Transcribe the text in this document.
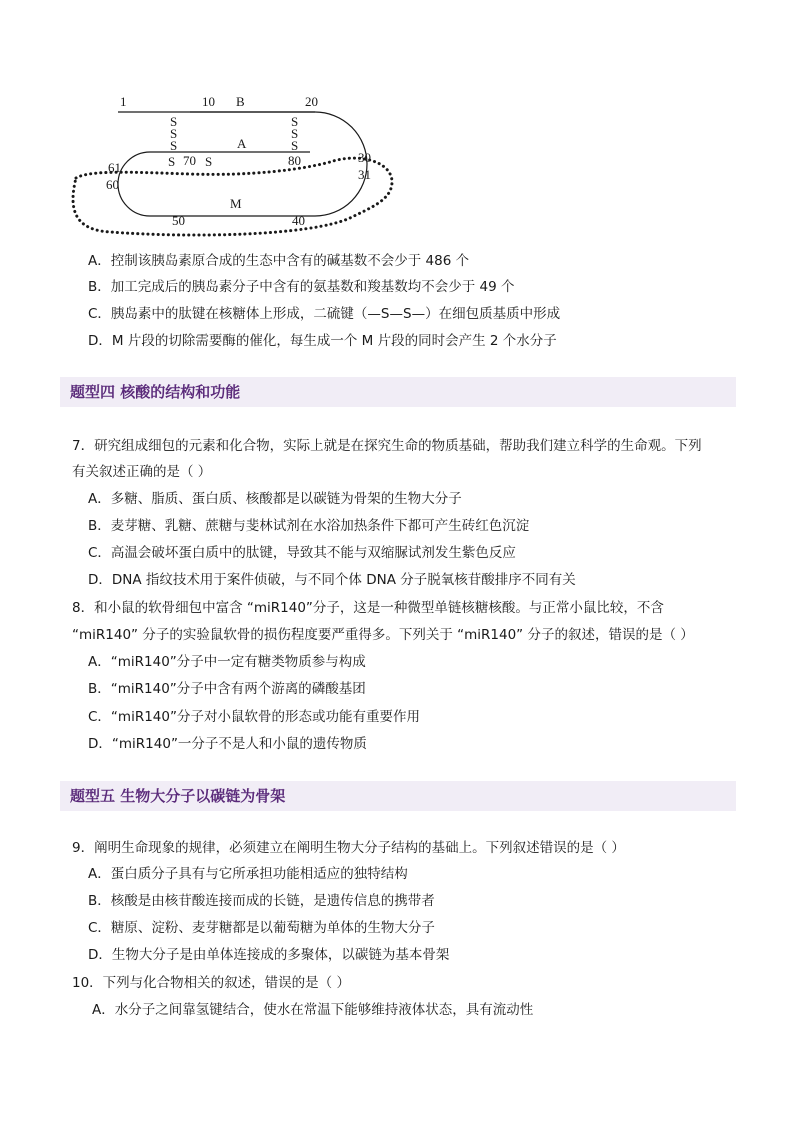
S
S
S
S
S
S
S S
1	10 B	20
A
70	80
61
60
30
31
M
50	40
A．控制该胰岛素原合成的生态中含有的碱基数不会少于 486 个
B．加工完成后的胰岛素分子中含有的氨基数和羧基数均不会少于 49 个
C．胰岛素中的肽键在核糖体上形成，二硫键（—S—S—）在细包质基质中形成
D．M 片段的切除需要酶的催化，每生成一个 M 片段的同时会产生 2 个水分子
题型四 核酸的结构和功能
7．研究组成细包的元素和化合物，实际上就是在探究生命的物质基础，帮助我们建立科学的生命观。下列
有关叙述正确的是（ ）
A．多糖、脂质、蛋白质、核酸都是以碳链为骨架的生物大分子
B．麦芽糖、乳糖、蔗糖与斐林试剂在水浴加热条件下都可产生砖红色沉淀
C．高温会破坏蛋白质中的肽键，导致其不能与双缩脲试剂发生紫色反应
D．DNA 指纹技术用于案件侦破，与不同个体 DNA 分子脱氧核苷酸排序不同有关
8．和小鼠的软骨细包中富含 “miR140”分子，这是一种微型单链核糖核酸。与正常小鼠比较，不含
“miR140” 分子的实验鼠软骨的损伤程度要严重得多。下列关于 “miR140” 分子的叙述，错误的是（ ）
A．“miR140”分子中一定有糖类物质参与构成
B．“miR140”分子中含有两个游离的磷酸基团
C．“miR140”分子对小鼠软骨的形态或功能有重要作用
D．“miR140”一分子不是人和小鼠的遗传物质
题型五 生物大分子以碳链为骨架
9．阐明生命现象的规律，必须建立在阐明生物大分子结构的基础上。下列叙述错误的是（ ）
A．蛋白质分子具有与它所承担功能相适应的独特结构
B．核酸是由核苷酸连接而成的长链，是遗传信息的携带者
C．糖原、淀粉、麦芽糖都是以葡萄糖为单体的生物大分子
D．生物大分子是由单体连接成的多聚体，以碳链为基本骨架
10．下列与化合物相关的叙述，错误的是（ ）
A．水分子之间靠氢键结合，使水在常温下能够维持液体状态，具有流动性
